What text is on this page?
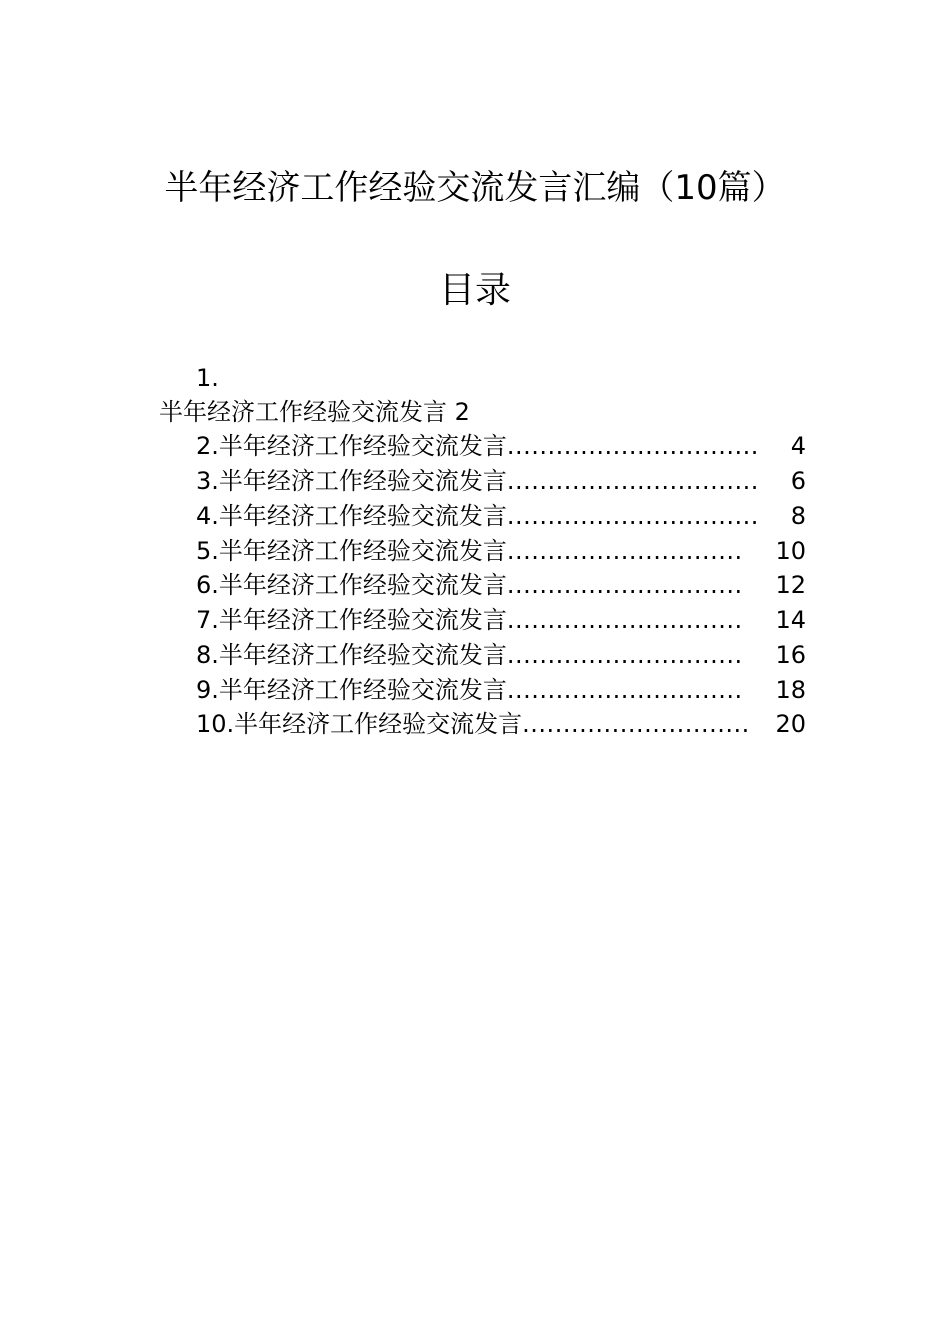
半年经济工作经验交流发言汇编（10篇）
目录
1.
半年经济工作经验交流发言 2
2.半年经济工作经验交流发言 ...............................	4
3.半年经济工作经验交流发言 ...............................	6
4.半年经济工作经验交流发言 ...............................	8
5.半年经济工作经验交流发言 .............................	10
6.半年经济工作经验交流发言 .............................	12
7.半年经济工作经验交流发言 .............................	14
8.半年经济工作经验交流发言 .............................	16
9.半年经济工作经验交流发言 .............................	18
10.半年经济工作经验交流发言 ............................	20
